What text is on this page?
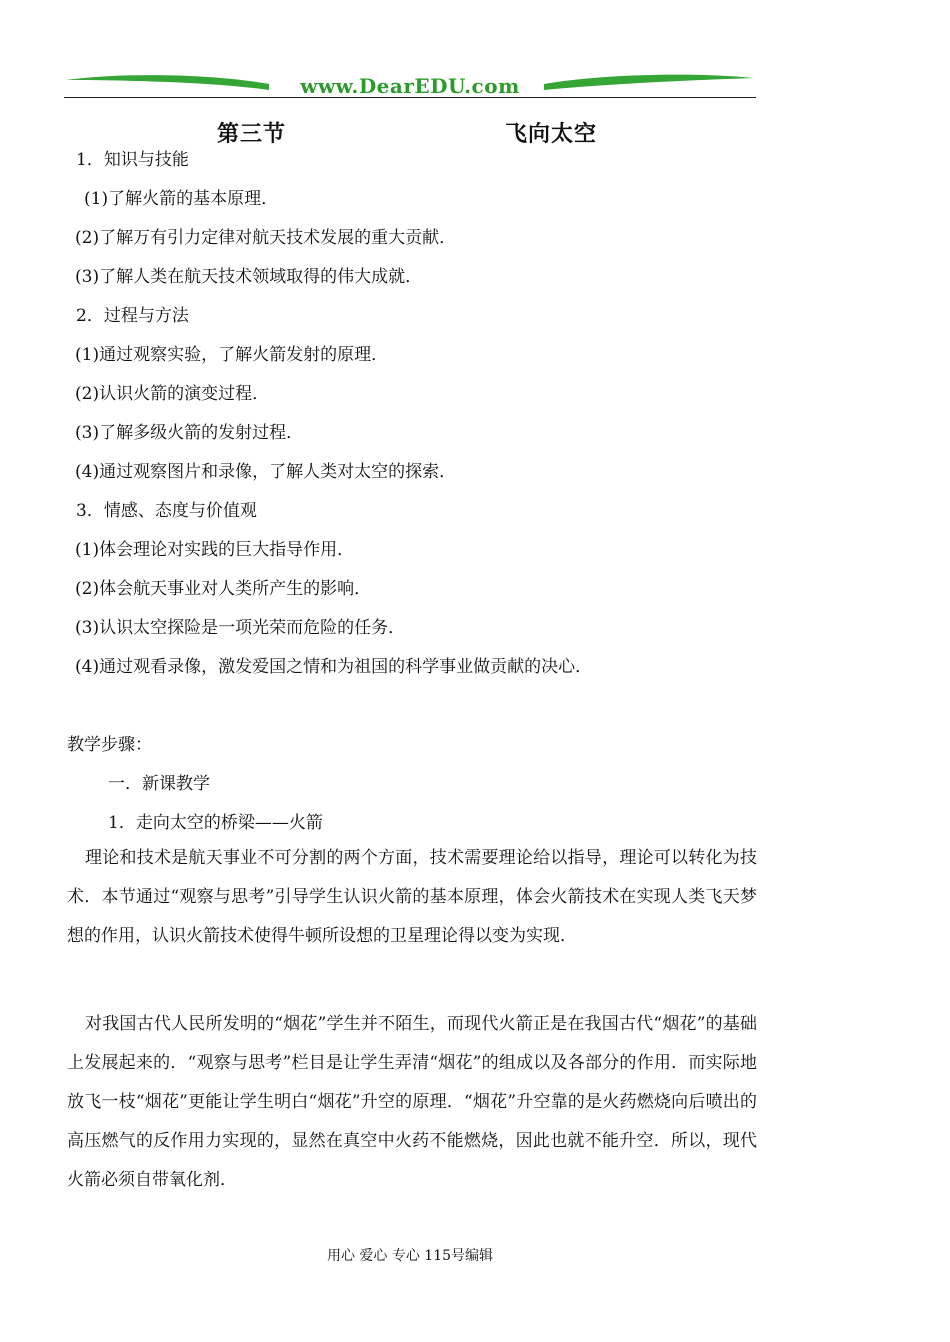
www.DearEDU.com
第三节	飞向太空
1．知识与技能
(1)了解火箭的基本原理．
(2)了解万有引力定律对航天技术发展的重大贡献．
(3)了解人类在航天技术领域取得的伟大成就．
2．过程与方法
(1)通过观察实验，了解火箭发射的原理．
(2)认识火箭的演变过程．
(3)了解多级火箭的发射过程．
(4)通过观察图片和录像，了解人类对太空的探索．
3．情感、态度与价值观
(1)体会理论对实践的巨大指导作用．
(2)体会航天事业对人类所产生的影响．
(3)认识太空探险是一项光荣而危险的任务．
(4)通过观看录像，激发爱国之情和为祖国的科学事业做贡献的决心．
教学步骤：
一．新课教学
1．走向太空的桥梁——火箭
理论和技术是航天事业不可分割的两个方面，技术需要理论给以指导，理论可以转化为技术．本节通过“观察与思考”引导学生认识火箭的基本原理，体会火箭技术在实现人类飞天梦想的作用，认识火箭技术使得牛顿所设想的卫星理论得以变为实现．
对我国古代人民所发明的“烟花”学生并不陌生，而现代火箭正是在我国古代“烟花”的基础上发展起来的．“观察与思考”栏目是让学生弄清“烟花”的组成以及各部分的作用．而实际地放飞一枝“烟花”更能让学生明白“烟花”升空的原理．“烟花”升空靠的是火药燃烧向后喷出的高压燃气的反作用力实现的，显然在真空中火药不能燃烧，因此也就不能升空．所以，现代火箭必须自带氧化剂．
用心 爱心 专心 115号编辑
